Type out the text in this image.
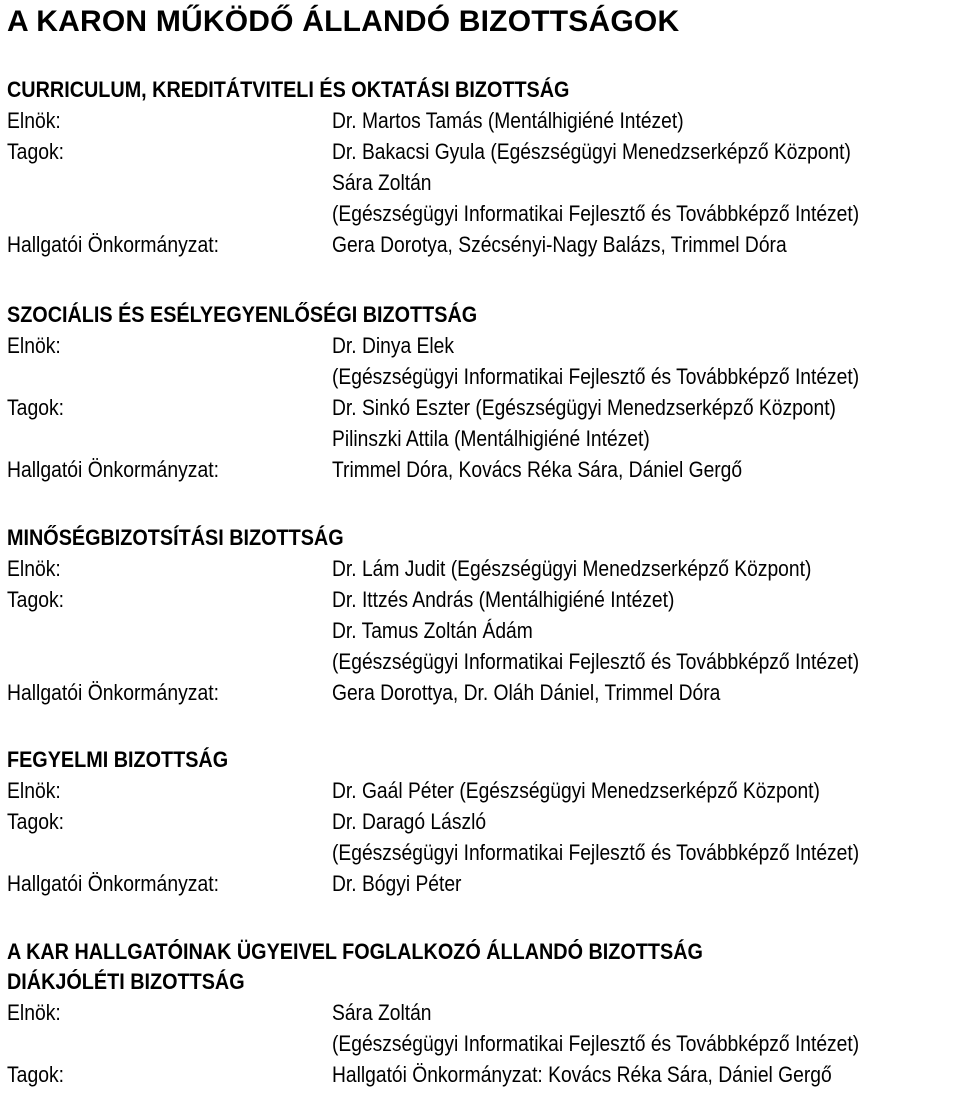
A KARON MŰKÖDŐ ÁLLANDÓ BIZOTTSÁGOK
CURRICULUM, KREDITÁTVITELI ÉS OKTATÁSI BIZOTTSÁG
Elnök:	Dr. Martos Tamás (Mentálhigiéné Intézet)
Tagok:	Dr. Bakacsi Gyula (Egészségügyi Menedzserképző Központ)
Sára Zoltán
(Egészségügyi Informatikai Fejlesztő és Továbbképző Intézet)
Hallgatói Önkormányzat:	Gera Dorotya, Szécsényi-Nagy Balázs, Trimmel Dóra
SZOCIÁLIS ÉS ESÉLYEGYENLŐSÉGI BIZOTTSÁG
Elnök:	Dr. Dinya Elek
(Egészségügyi Informatikai Fejlesztő és Továbbképző Intézet)
Tagok:	Dr. Sinkó Eszter (Egészségügyi Menedzserképző Központ)
Pilinszki Attila (Mentálhigiéné Intézet)
Hallgatói Önkormányzat:	Trimmel Dóra, Kovács Réka Sára, Dániel Gergő
MINŐSÉGBIZOTSÍTÁSI BIZOTTSÁG
Elnök:	Dr. Lám Judit (Egészségügyi Menedzserképző Központ)
Tagok:	Dr. Ittzés András (Mentálhigiéné Intézet)
Dr. Tamus Zoltán Ádám
(Egészségügyi Informatikai Fejlesztő és Továbbképző Intézet)
Hallgatói Önkormányzat:	Gera Dorottya, Dr. Oláh Dániel, Trimmel Dóra
FEGYELMI BIZOTTSÁG
Elnök:	Dr. Gaál Péter (Egészségügyi Menedzserképző Központ)
Tagok:	Dr. Daragó László
(Egészségügyi Informatikai Fejlesztő és Továbbképző Intézet)
Hallgatói Önkormányzat:	Dr. Bógyi Péter
A KAR HALLGATÓINAK ÜGYEIVEL FOGLALKOZÓ ÁLLANDÓ BIZOTTSÁG
DIÁKJÓLÉTI BIZOTTSÁG
Elnök:	Sára Zoltán
(Egészségügyi Informatikai Fejlesztő és Továbbképző Intézet)
Tagok:	Hallgatói Önkormányzat: Kovács Réka Sára, Dániel Gergő
